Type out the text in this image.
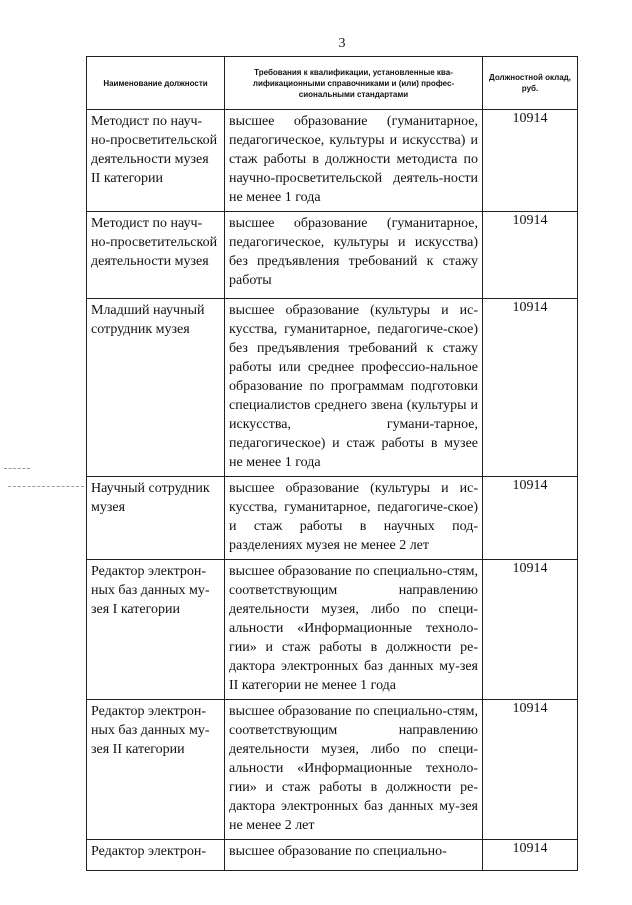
3
Наименование должности	Требования к квалификации, установленные ква-лификационными справочниками и (или) профес-сиональными стандартами	Должностной оклад, руб.
Методист по науч-но-просветительской деятельности музея II категории	высшее образование (гуманитарное, педагогическое, культуры и искусства) и стаж работы в должности методиста по научно-просветительской деятель-ности не менее 1 года	10914
Методист по науч-но-просветительской деятельности музея	высшее образование (гуманитарное, педагогическое, культуры и искусства) без предъявления требований к стажу работы	10914
Младший научный сотрудник музея	высшее образование (культуры и ис-кусства, гуманитарное, педагогиче-ское) без предъявления требований к стажу работы или среднее профессио-нальное образование по программам подготовки специалистов среднего звена (культуры и искусства, гумани-тарное, педагогическое) и стаж работы в музее не менее 1 года	10914
Научный сотрудник музея	высшее образование (культуры и ис-кусства, гуманитарное, педагогиче-ское) и стаж работы в научных под-разделениях музея не менее 2 лет	10914
Редактор электрон-ных баз данных му-зея I категории	высшее образование по специально-стям, соответствующим направлению деятельности музея, либо по специ-альности «Информационные техноло-гии» и стаж работы в должности ре-дактора электронных баз данных му-зея II категории не менее 1 года	10914
Редактор электрон-ных баз данных му-зея II категории	высшее образование по специально-стям, соответствующим направлению деятельности музея, либо по специ-альности «Информационные техноло-гии» и стаж работы в должности ре-дактора электронных баз данных му-зея не менее 2 лет	10914
Редактор электрон-	высшее образование по специально-	10914
